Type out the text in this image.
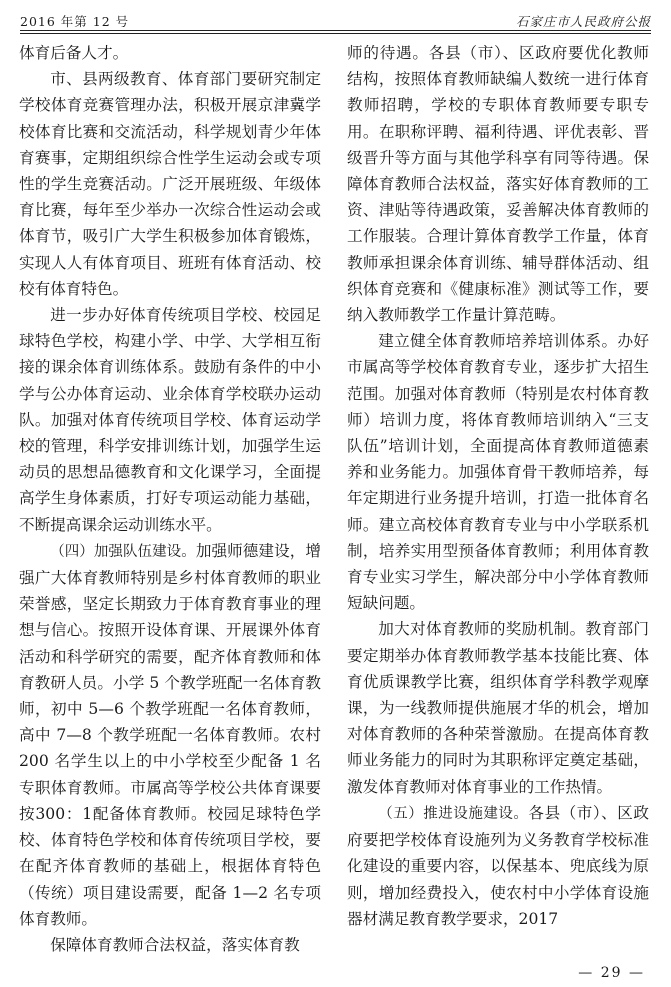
2016 年第 12 号	石家庄市人民政府公报

体育后备人才。

市、县两级教育、体育部门要研究制定学校体育竞赛管理办法，积极开展京津冀学校体育比赛和交流活动，科学规划青少年体育赛事，定期组织综合性学生运动会或专项性的学生竞赛活动。广泛开展班级、年级体育比赛，每年至少举办一次综合性运动会或体育节，吸引广大学生积极参加体育锻炼，实现人人有体育项目、班班有体育活动、校校有体育特色。

进一步办好体育传统项目学校、校园足球特色学校，构建小学、中学、大学相互衔接的课余体育训练体系。鼓励有条件的中小学与公办体育运动、业余体育学校联办运动队。加强对体育传统项目学校、体育运动学校的管理，科学安排训练计划，加强学生运动员的思想品德教育和文化课学习，全面提高学生身体素质，打好专项运动能力基础，不断提高课余运动训练水平。

（四）加强队伍建设。加强师德建设，增强广大体育教师特别是乡村体育教师的职业荣誉感，坚定长期致力于体育教育事业的理想与信心。按照开设体育课、开展课外体育活动和科学研究的需要，配齐体育教师和体育教研人员。小学 5 个教学班配一名体育教师，初中 5—6 个教学班配一名体育教师，高中 7—8 个教学班配一名体育教师。农村 200 名学生以上的中小学校至少配备 1 名专职体育教师。市属高等学校公共体育课要按300：1配备体育教师。校园足球特色学校、体育特色学校和体育传统项目学校，要在配齐体育教师的基础上，根据体育特色（传统）项目建设需要，配备 1—2 名专项体育教师。

保障体育教师合法权益，落实体育教

师的待遇。各县（市）、区政府要优化教师结构，按照体育教师缺编人数统一进行体育教师招聘，学校的专职体育教师要专职专用。在职称评聘、福利待遇、评优表彰、晋级晋升等方面与其他学科享有同等待遇。保障体育教师合法权益，落实好体育教师的工资、津贴等待遇政策，妥善解决体育教师的工作服装。合理计算体育教学工作量，体育教师承担课余体育训练、辅导群体活动、组织体育竞赛和《健康标准》测试等工作，要纳入教师教学工作量计算范畴。

建立健全体育教师培养培训体系。办好市属高等学校体育教育专业，逐步扩大招生范围。加强对体育教师（特别是农村体育教师）培训力度，将体育教师培训纳入“三支队伍”培训计划，全面提高体育教师道德素养和业务能力。加强体育骨干教师培养，每年定期进行业务提升培训，打造一批体育名师。建立高校体育教育专业与中小学联系机制，培养实用型预备体育教师；利用体育教育专业实习学生，解决部分中小学体育教师短缺问题。

加大对体育教师的奖励机制。教育部门要定期举办体育教师教学基本技能比赛、体育优质课教学比赛，组织体育学科教学观摩课，为一线教师提供施展才华的机会，增加对体育教师的各种荣誉激励。在提高体育教师业务能力的同时为其职称评定奠定基础，激发体育教师对体育事业的工作热情。

（五）推进设施建设。各县（市）、区政府要把学校体育设施列为义务教育学校标准化建设的重要内容，以保基本、兜底线为原则，增加经费投入，使农村中小学体育设施器材满足教育教学要求，2017

— 29 —
